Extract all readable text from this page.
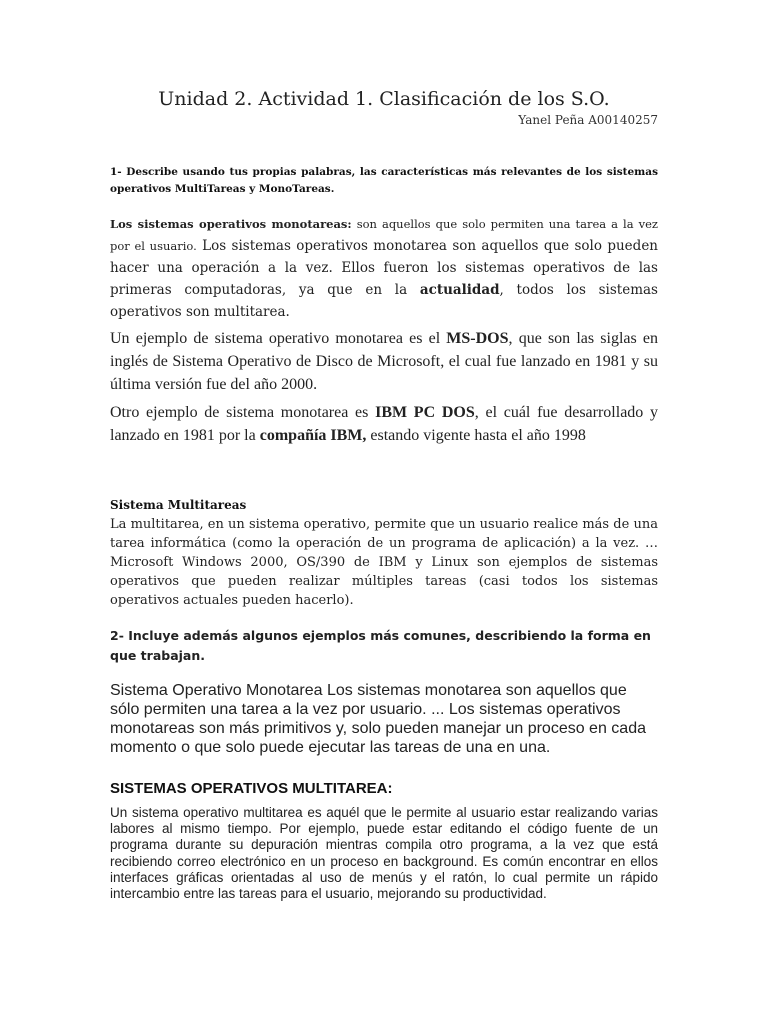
Unidad 2. Actividad 1. Clasificación de los S.O.
Yanel Peña A00140257
1- Describe usando tus propias palabras, las características más relevantes de los sistemas operativos MultiTareas y MonoTareas.
Los sistemas operativos monotareas: son aquellos que solo permiten una tarea a la vez por el usuario. Los sistemas operativos monotarea son aquellos que solo pueden hacer una operación a la vez. Ellos fueron los sistemas operativos de las primeras computadoras, ya que en la actualidad, todos los sistemas operativos son multitarea.
Un ejemplo de sistema operativo monotarea es el MS-DOS, que son las siglas en inglés de Sistema Operativo de Disco de Microsoft, el cual fue lanzado en 1981 y su última versión fue del año 2000.
Otro ejemplo de sistema monotarea es IBM PC DOS, el cuál fue desarrollado y lanzado en 1981 por la compañía IBM, estando vigente hasta el año 1998
Sistema Multitareas
La multitarea, en un sistema operativo, permite que un usuario realice más de una tarea informática (como la operación de un programa de aplicación) a la vez. … Microsoft Windows 2000, OS/390 de IBM y Linux son ejemplos de sistemas operativos que pueden realizar múltiples tareas (casi todos los sistemas operativos actuales pueden hacerlo).
2- Incluye además algunos ejemplos más comunes, describiendo la forma en que trabajan.
Sistema Operativo Monotarea Los sistemas monotarea son aquellos que sólo permiten una tarea a la vez por usuario. ... Los sistemas operativos monotareas son más primitivos y, solo pueden manejar un proceso en cada momento o que solo puede ejecutar las tareas de una en una.
SISTEMAS OPERATIVOS MULTITAREA:
Un sistema operativo multitarea es aquél que le permite al usuario estar realizando varias labores al mismo tiempo. Por ejemplo, puede estar editando el código fuente de un programa durante su depuración mientras compila otro programa, a la vez que está recibiendo correo electrónico en un proceso en background. Es común encontrar en ellos interfaces gráficas orientadas al uso de menús y el ratón, lo cual permite un rápido intercambio entre las tareas para el usuario, mejorando su productividad.
